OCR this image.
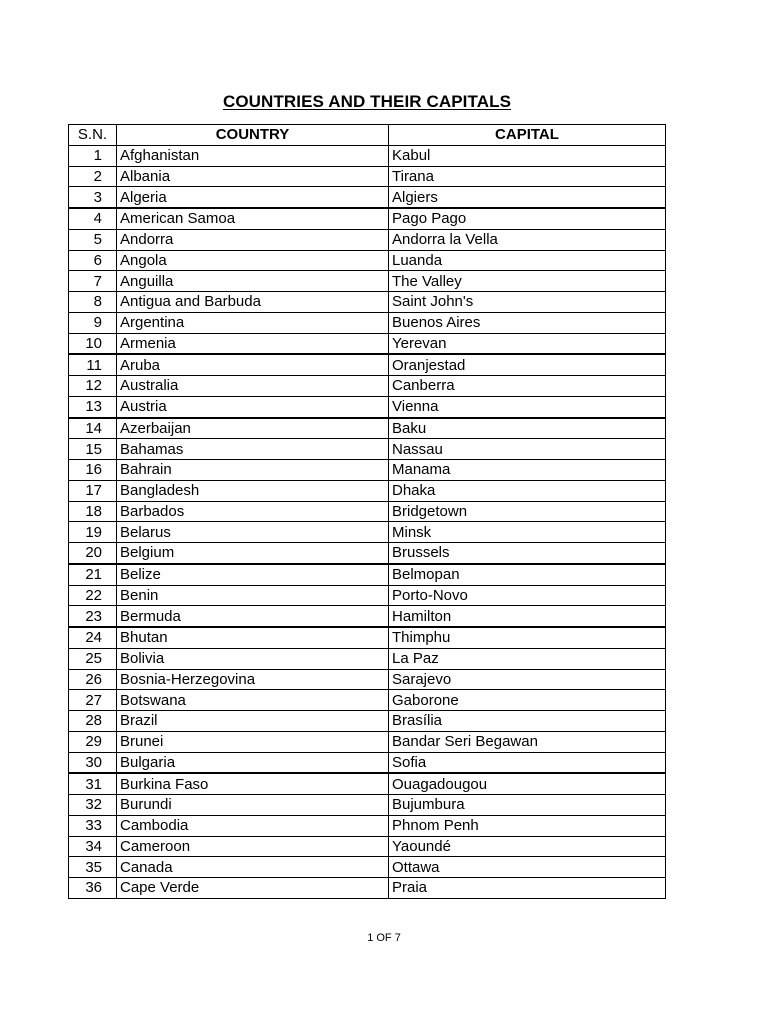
COUNTRIES AND THEIR CAPITALS
S.N.	COUNTRY	CAPITAL
1	Afghanistan	Kabul
2	Albania	Tirana
3	Algeria	Algiers
4	American Samoa	Pago Pago
5	Andorra	Andorra la Vella
6	Angola	Luanda
7	Anguilla	The Valley
8	Antigua and Barbuda	Saint John's
9	Argentina	Buenos Aires
10	Armenia	Yerevan
11	Aruba	Oranjestad
12	Australia	Canberra
13	Austria	Vienna
14	Azerbaijan	Baku
15	Bahamas	Nassau
16	Bahrain	Manama
17	Bangladesh	Dhaka
18	Barbados	Bridgetown
19	Belarus	Minsk
20	Belgium	Brussels
21	Belize	Belmopan
22	Benin	Porto-Novo
23	Bermuda	Hamilton
24	Bhutan	Thimphu
25	Bolivia	La Paz
26	Bosnia-Herzegovina	Sarajevo
27	Botswana	Gaborone
28	Brazil	Brasília
29	Brunei	Bandar Seri Begawan
30	Bulgaria	Sofia
31	Burkina Faso	Ouagadougou
32	Burundi	Bujumbura
33	Cambodia	Phnom Penh
34	Cameroon	Yaoundé
35	Canada	Ottawa
36	Cape Verde	Praia
1 OF 7
